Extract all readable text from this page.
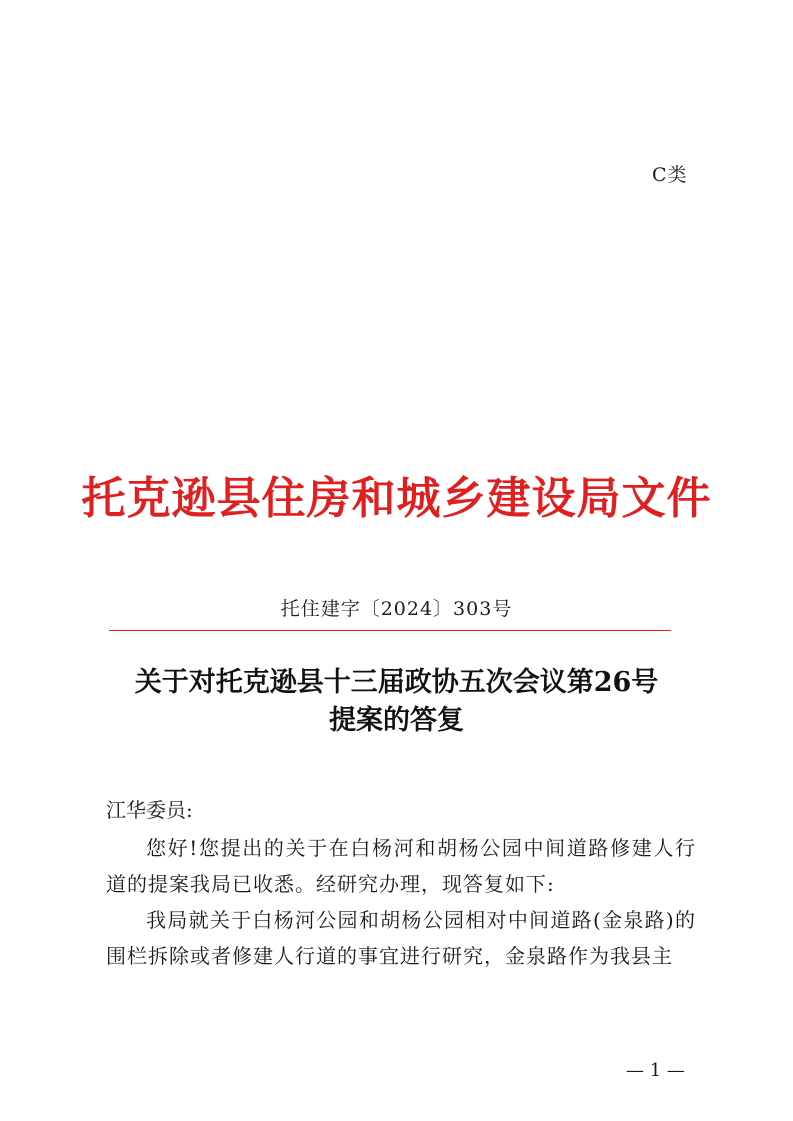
C类
托克逊县住房和城乡建设局文件
托住建字〔2024〕303号
关于对托克逊县十三届政协五次会议第26号
提案的答复
江华委员:

您好!您提出的关于在白杨河和胡杨公园中间道路修建人行道的提案我局已收悉。经研究办理，现答复如下:

我局就关于白杨河公园和胡杨公园相对中间道路(金泉路)的围栏拆除或者修建人行道的事宜进行研究，金泉路作为我县主

— 1 —
